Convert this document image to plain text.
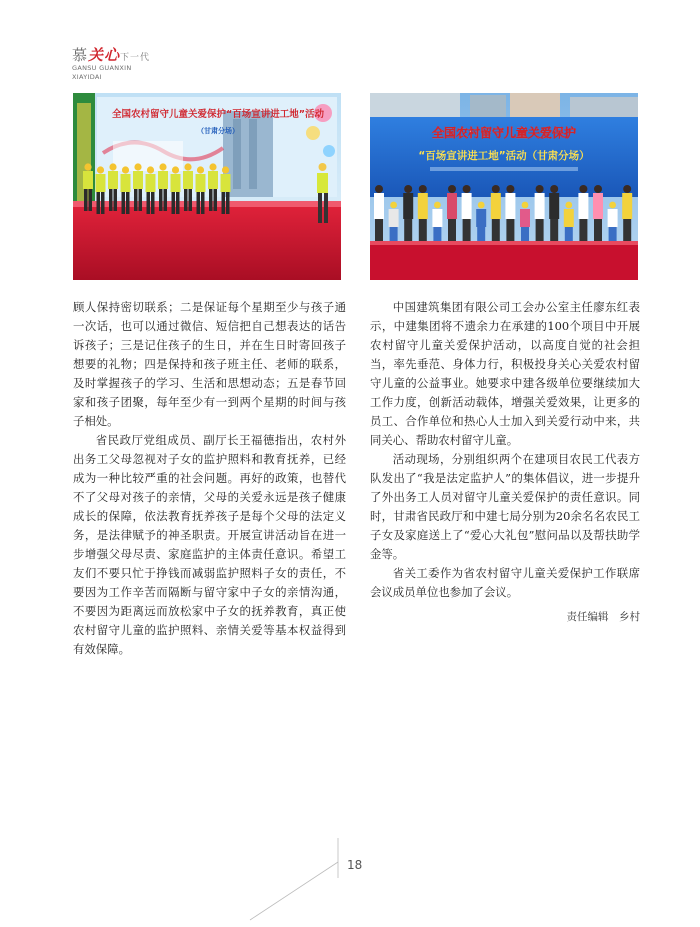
慕关心下一代
GANSU GUANXIN
XIAYIDAI
全国农村留守儿童关爱保护“百场宣讲进工地”活动
（甘肃分场）	全国农村留守儿童关爱保护
“百场宣讲进工地”活动（甘肃分场）

顾人保持密切联系；二是保证每个星期至少与孩子通一次话，也可以通过微信、短信把自己想表达的话告诉孩子；三是记住孩子的生日，并在生日时寄回孩子想要的礼物；四是保持和孩子班主任、老师的联系，及时掌握孩子的学习、生活和思想动态；五是春节回家和孩子团聚，每年至少有一到两个星期的时间与孩子相处。

省民政厅党组成员、副厅长王福德指出，农村外出务工父母忽视对子女的监护照料和教育抚养，已经成为一种比较严重的社会问题。再好的政策，也替代不了父母对孩子的亲情，父母的关爱永远是孩子健康成长的保障，依法教育抚养孩子是每个父母的法定义务，是法律赋予的神圣职责。开展宣讲活动旨在进一步增强父母尽责、家庭监护的主体责任意识。希望工友们不要只忙于挣钱而减弱监护照料子女的责任，不要因为工作辛苦而隔断与留守家中子女的亲情沟通，不要因为距离远而放松家中子女的抚养教育，真正使农村留守儿童的监护照料、亲情关爱等基本权益得到有效保障。

中国建筑集团有限公司工会办公室主任廖东红表示，中建集团将不遗余力在承建的100个项目中开展农村留守儿童关爱保护活动，以高度自觉的社会担当，率先垂范、身体力行，积极投身关心关爱农村留守儿童的公益事业。她要求中建各级单位要继续加大工作力度，创新活动载体，增强关爱效果，让更多的员工、合作单位和热心人士加入到关爱行动中来，共同关心、帮助农村留守儿童。

活动现场，分别组织两个在建项目农民工代表方队发出了“我是法定监护人”的集体倡议，进一步提升了外出务工人员对留守儿童关爱保护的责任意识。同时，甘肃省民政厅和中建七局分别为20余名名农民工子女及家庭送上了“爱心大礼包”慰问品以及帮扶助学金等。

省关工委作为省农村留守儿童关爱保护工作联席会议成员单位也参加了会议。

责任编辑　乡村
18
